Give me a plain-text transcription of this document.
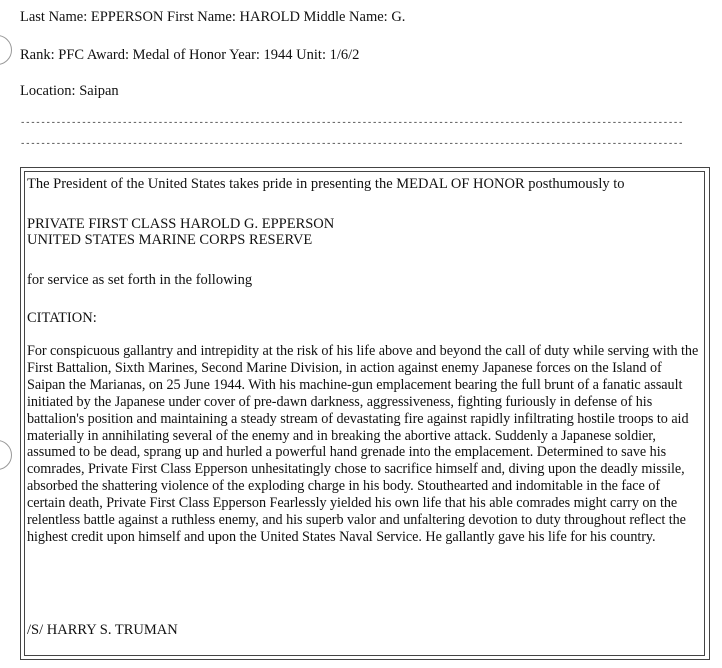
Last Name: EPPERSON First Name: HAROLD Middle Name: G.
Rank: PFC Award: Medal of Honor Year: 1944 Unit: 1/6/2
Location: Saipan
----------------------------------------------------------------------------------------------------------------------------------
----------------------------------------------------------------------------------------------------------------------------------
The President of the United States takes pride in presenting the MEDAL OF HONOR posthumously to
PRIVATE FIRST CLASS HAROLD G. EPPERSON
UNITED STATES MARINE CORPS RESERVE
for service as set forth in the following
CITATION:
For conspicuous gallantry and intrepidity at the risk of his life above and beyond the call of duty while serving with the First Battalion, Sixth Marines, Second Marine Division, in action against enemy Japanese forces on the Island of Saipan the Marianas, on 25 June 1944. With his machine-gun emplacement bearing the full brunt of a fanatic assault initiated by the Japanese under cover of pre-dawn darkness, aggressiveness, fighting furiously in defense of his battalion's position and maintaining a steady stream of devastating fire against rapidly infiltrating hostile troops to aid materially in annihilating several of the enemy and in breaking the abortive attack. Suddenly a Japanese soldier, assumed to be dead, sprang up and hurled a powerful hand grenade into the emplacement. Determined to save his comrades, Private First Class Epperson unhesitatingly chose to sacrifice himself and, diving upon the deadly missile, absorbed the shattering violence of the exploding charge in his body. Stouthearted and indomitable in the face of certain death, Private First Class Epperson Fearlessly yielded his own life that his able comrades might carry on the relentless battle against a ruthless enemy, and his superb valor and unfaltering devotion to duty throughout reflect the highest credit upon himself and upon the United States Naval Service. He gallantly gave his life for his country.
/S/ HARRY S. TRUMAN
